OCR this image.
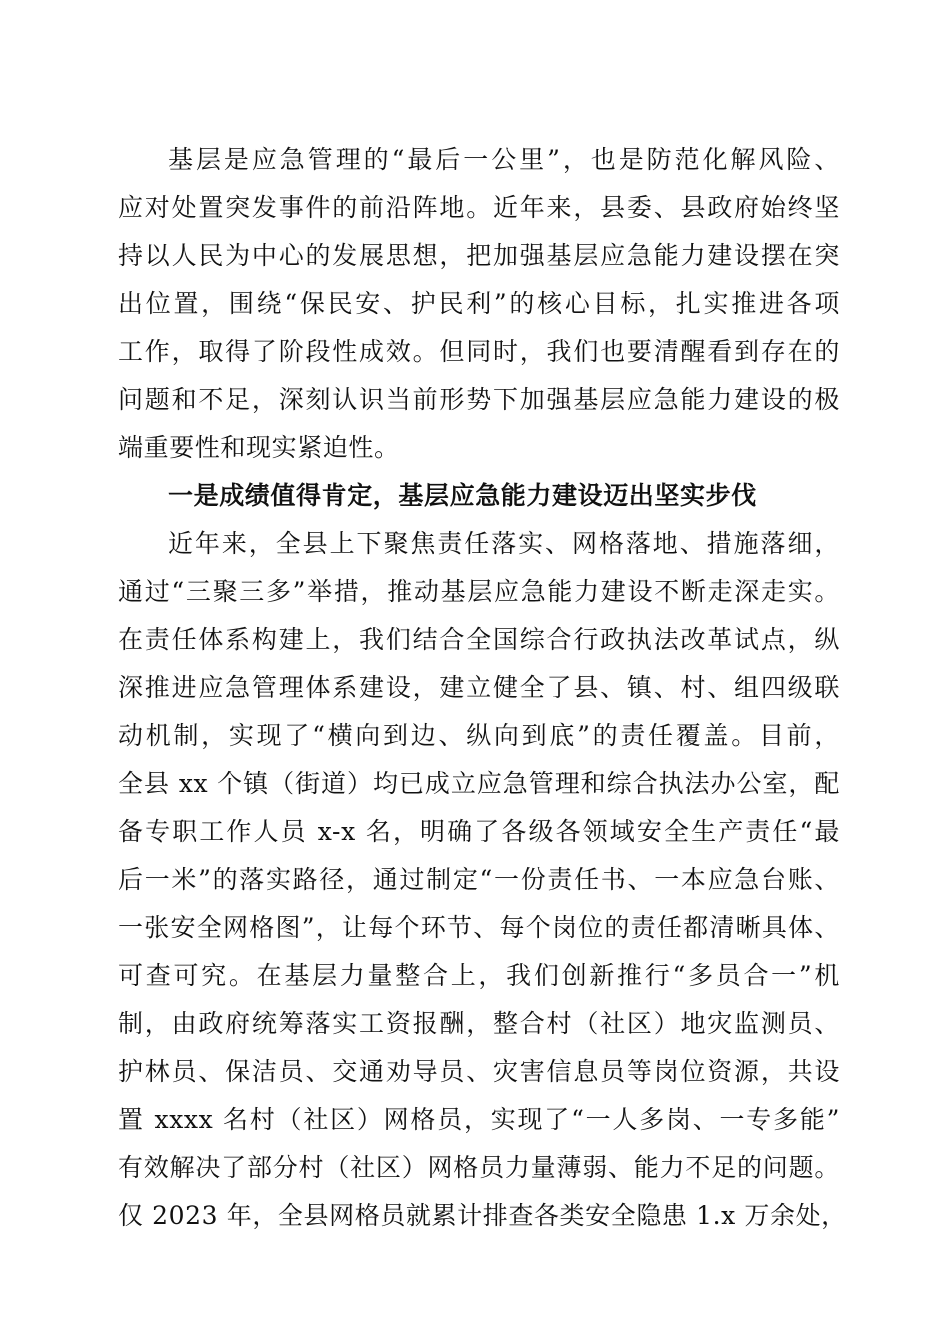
基层是应急管理的“最后一公里”，也是防范化解风险、
应对处置突发事件的前沿阵地。近年来，县委、县政府始终坚
持以人民为中心的发展思想，把加强基层应急能力建设摆在突
出位置，围绕“保民安、护民利”的核心目标，扎实推进各项
工作，取得了阶段性成效。但同时，我们也要清醒看到存在的
问题和不足，深刻认识当前形势下加强基层应急能力建设的极
端重要性和现实紧迫性。
一是成绩值得肯定，基层应急能力建设迈出坚实步伐
近年来，全县上下聚焦责任落实、网格落地、措施落细，
通过“三聚三多”举措，推动基层应急能力建设不断走深走实。
在责任体系构建上，我们结合全国综合行政执法改革试点，纵
深推进应急管理体系建设，建立健全了县、镇、村、组四级联
动机制，实现了“横向到边、纵向到底”的责任覆盖。目前，
全县 xx 个镇（街道）均已成立应急管理和综合执法办公室，配
备专职工作人员 x-x 名，明确了各级各领域安全生产责任“最
后一米”的落实路径，通过制定“一份责任书、一本应急台账、
一张安全网格图”，让每个环节、每个岗位的责任都清晰具体、
可查可究。在基层力量整合上，我们创新推行“多员合一”机
制，由政府统筹落实工资报酬，整合村（社区）地灾监测员、
护林员、保洁员、交通劝导员、灾害信息员等岗位资源，共设
置 xxxx 名村（社区）网格员，实现了“一人多岗、一专多能”
有效解决了部分村（社区）网格员力量薄弱、能力不足的问题。
仅 2023 年，全县网格员就累计排查各类安全隐患 1.x 万余处，
